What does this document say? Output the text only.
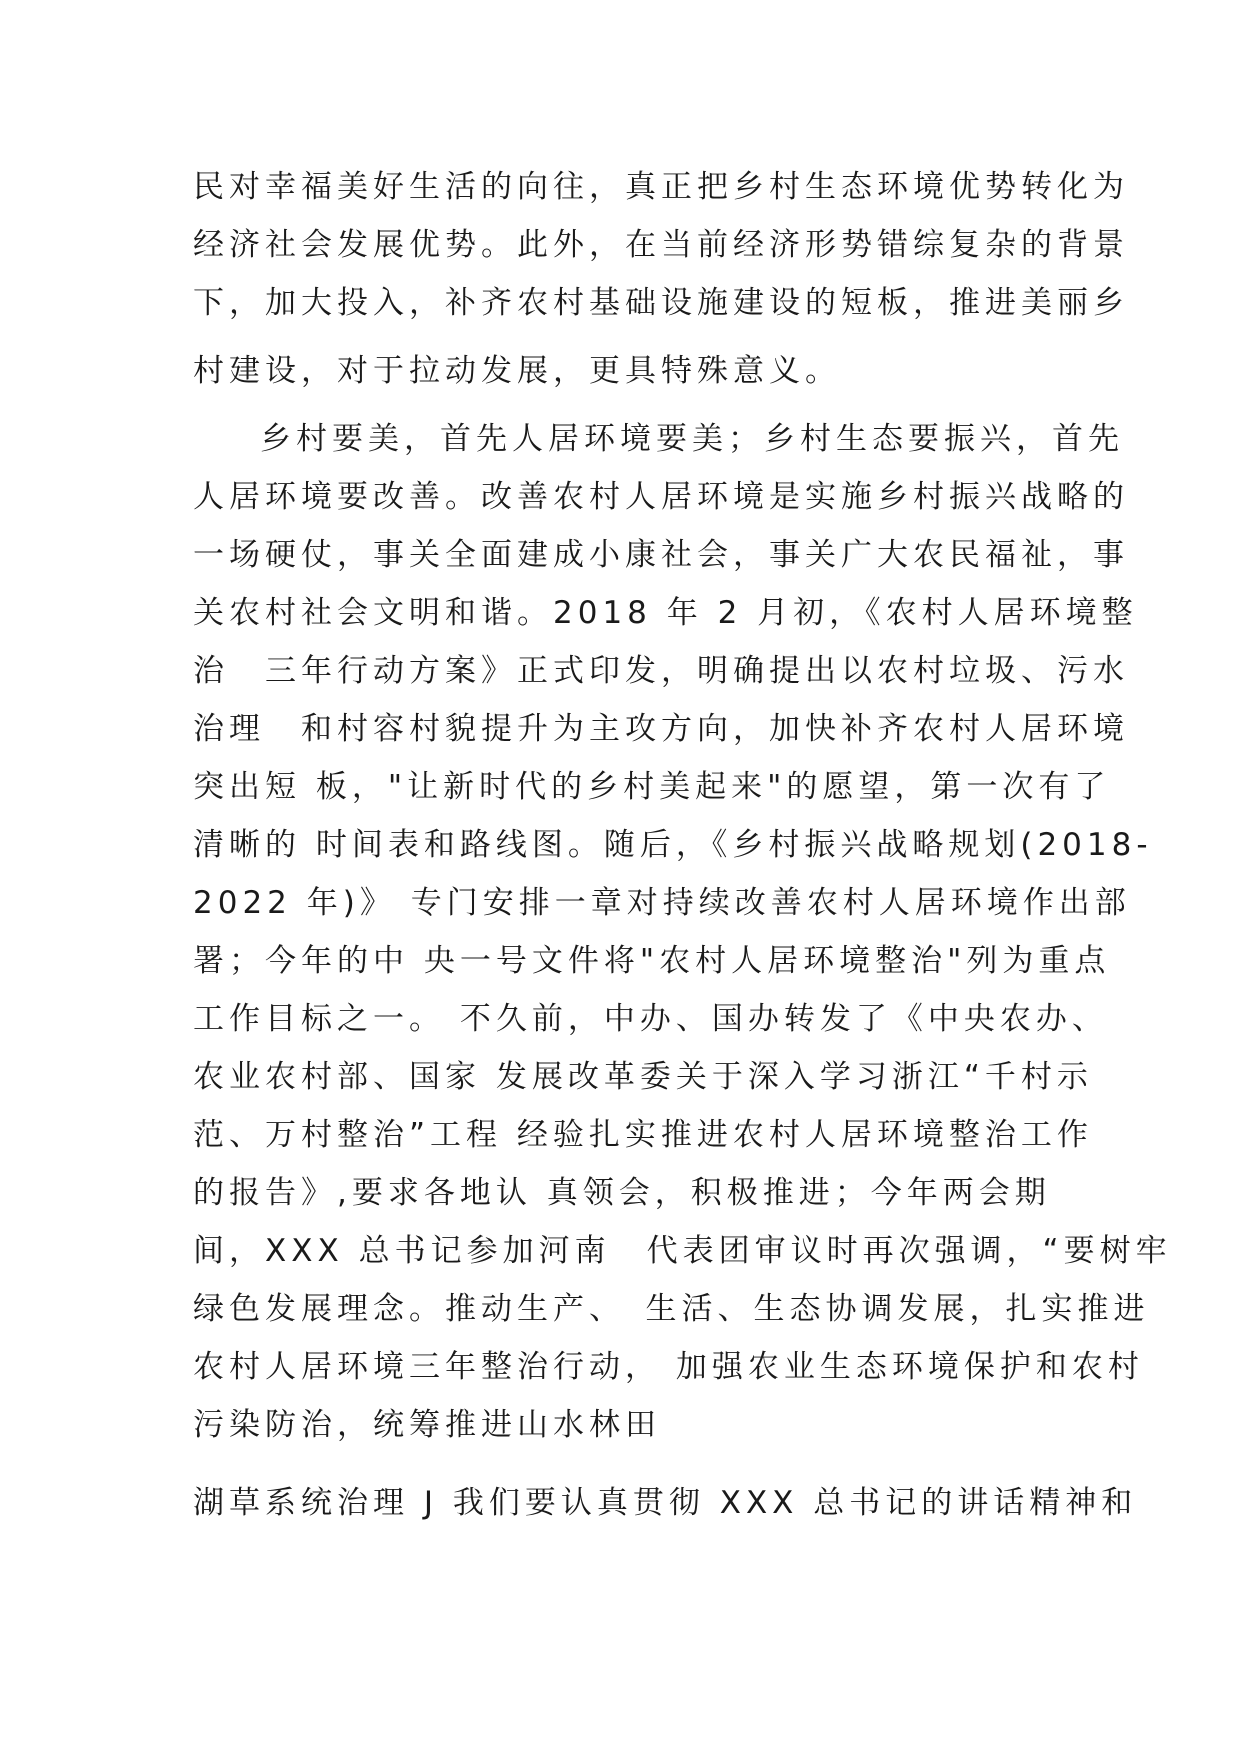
民对幸福美好生活的向往，真正把乡村生态环境优势转化为
经济社会发展优势。此外，在当前经济形势错综复杂的背景
下，加大投入，补齐农村基础设施建设的短板，推进美丽乡
村建设，对于拉动发展，更具特殊意义。
乡村要美，首先人居环境要美；乡村生态要振兴，首先
人居环境要改善。改善农村人居环境是实施乡村振兴战略的
一场硬仗，事关全面建成小康社会，事关广大农民福祉，事
关农村社会文明和谐。2018 年 2 月初，《农村人居环境整
治　三年行动方案》正式印发，明确提出以农村垃圾、污水
治理　和村容村貌提升为主攻方向，加快补齐农村人居环境
突出短 板，"让新时代的乡村美起来"的愿望，第一次有了
清晰的 时间表和路线图。随后，《乡村振兴战略规划(2018-
2022 年)》 专门安排一章对持续改善农村人居环境作出部
署；今年的中 央一号文件将"农村人居环境整治"列为重点
工作目标之一。 不久前，中办、国办转发了《中央农办、
农业农村部、国家 发展改革委关于深入学习浙江“千村示
范、万村整治”工程 经验扎实推进农村人居环境整治工作
的报告》,要求各地认 真领会，积极推进；今年两会期
间，XXX 总书记参加河南　代表团审议时再次强调，“要树牢
绿色发展理念。推动生产、　生活、生态协调发展，扎实推进
农村人居环境三年整治行动， 加强农业生态环境保护和农村
污染防治，统筹推进山水林田
湖草系统治理 J 我们要认真贯彻 XXX 总书记的讲话精神和
